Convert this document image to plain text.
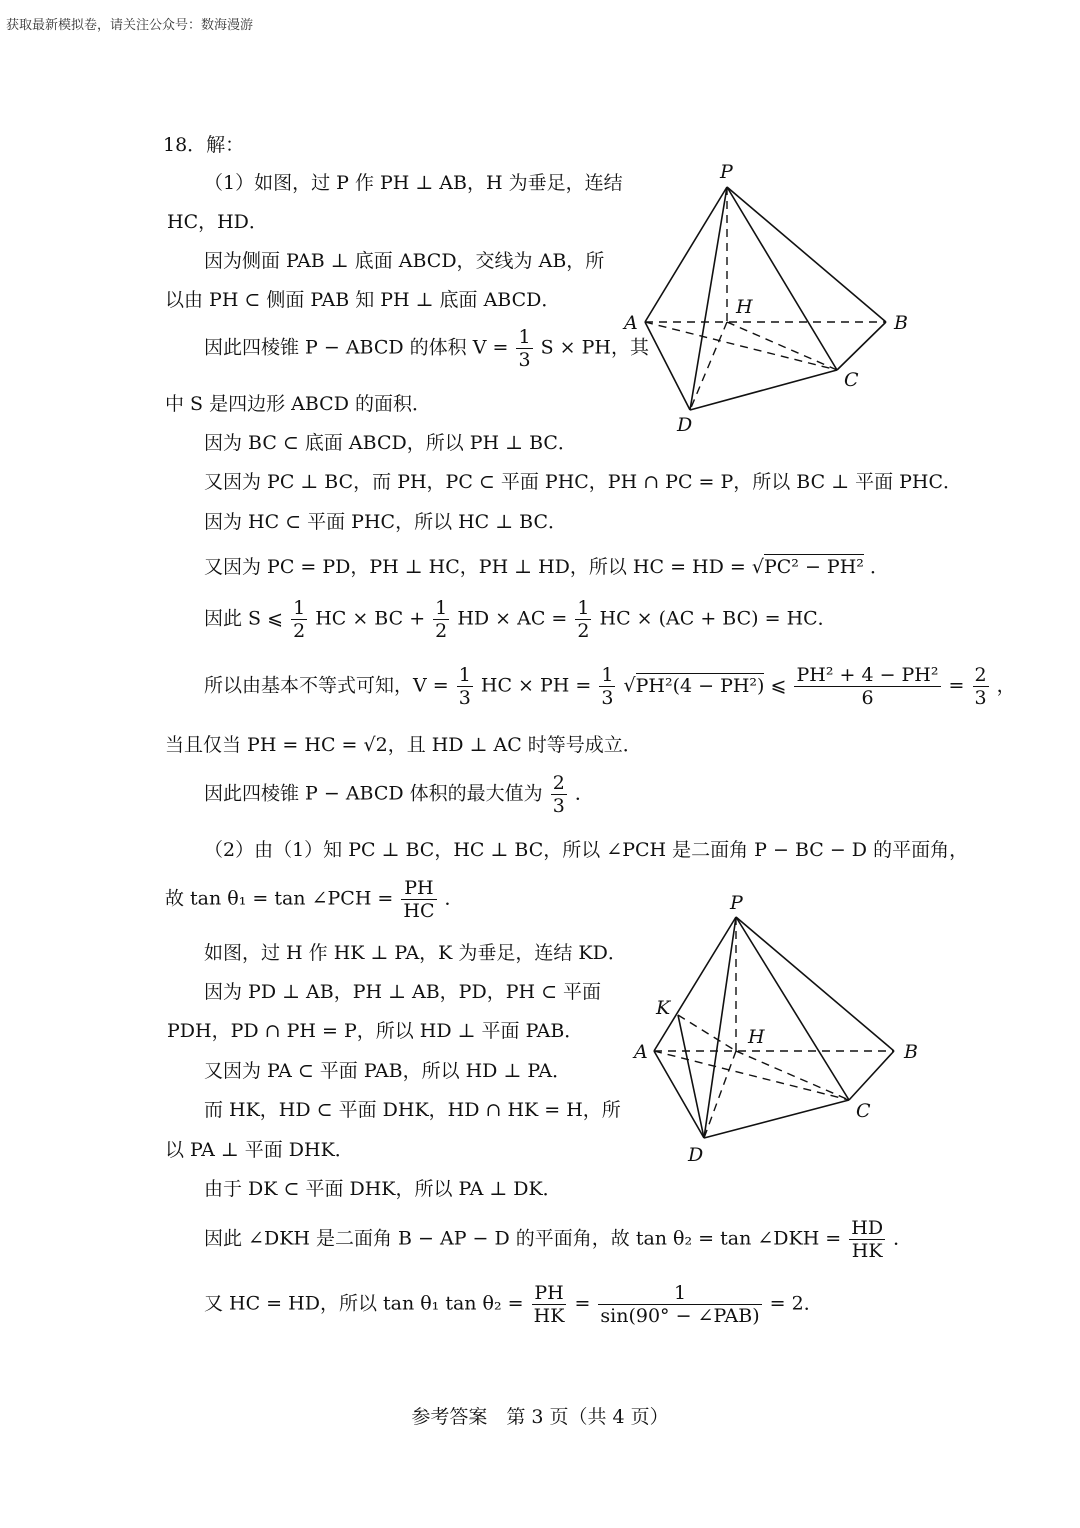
获取最新模拟卷，请关注公众号：数海漫游
18．解：
（1）如图，过 P 作 PH ⊥ AB，H 为垂足，连结
HC，HD．
因为侧面 PAB ⊥ 底面 ABCD，交线为 AB，所
以由 PH ⊂ 侧面 PAB 知 PH ⊥ 底面 ABCD．
因此四棱锥 P − ABCD 的体积 $V = \frac{1}{3}$ S × PH，其
中 S 是四边形 ABCD 的面积．
因为 BC ⊂ 底面 ABCD，所以 PH ⊥ BC．
又因为 PC ⊥ BC，而 PH，PC ⊂ 平面 PHC，PH ∩ PC = P，所以 BC ⊥ 平面 PHC．
因为 HC ⊂ 平面 PHC，所以 HC ⊥ BC．
又因为 PC = PD，PH ⊥ HC，PH ⊥ HD，所以 HC = HD = √PC² − PH² ．
因此 S ⩽ $\frac{1}{2}$ HC × BC + $\frac{1}{2}$ HD × AC = $\frac{1}{2}$ HC × (AC + BC) = HC．
所以由基本不等式可知，$V = \frac{1}{3}$ HC × PH = $\frac{1}{3} √PH^2(4 - PH^2)$ ⩽ $\frac{\text{PH² + 4 − PH²}}{6} = \frac{2}{3}$ ，
当且仅当 PH = HC = √2，且 HD ⊥ AC 时等号成立．
因此四棱锥 P − ABCD 体积的最大值为 $\frac{2}{3}$ ．
（2）由（1）知 PC ⊥ BC，HC ⊥ BC，所以 ∠PCH 是二面角 P − BC − D 的平面角，
故 tan θ₁ = tan ∠PCH = $\frac{PH}{HC}$ ．
如图，过 H 作 HK ⊥ PA，K 为垂足，连结 KD．
因为 PD ⊥ AB，PH ⊥ AB，PD，PH ⊂ 平面
PDH，PD ∩ PH = P，所以 HD ⊥ 平面 PAB．
又因为 PA ⊂ 平面 PAB，所以 HD ⊥ PA．
而 HK，HD ⊂ 平面 DHK，HD ∩ HK = H，所
以 PA ⊥ 平面 DHK．
由于 DK ⊂ 平面 DHK，所以 PA ⊥ DK．
因此 ∠DKH 是二面角 B − AP − D 的平面角，故 tan θ₂ = tan ∠DKH = $\frac{HD}{HK}$ ．
又 HC = HD，所以 tan θ₁ $\tan \theta_2 = \frac{PH}{HK} = \frac{1}{\text{sin(90° − ∠PAB)}} = 2$．
P
A	B
C
D
H
P
A	B
C
D
H
K
参考答案　第 3 页（共 4 页）
